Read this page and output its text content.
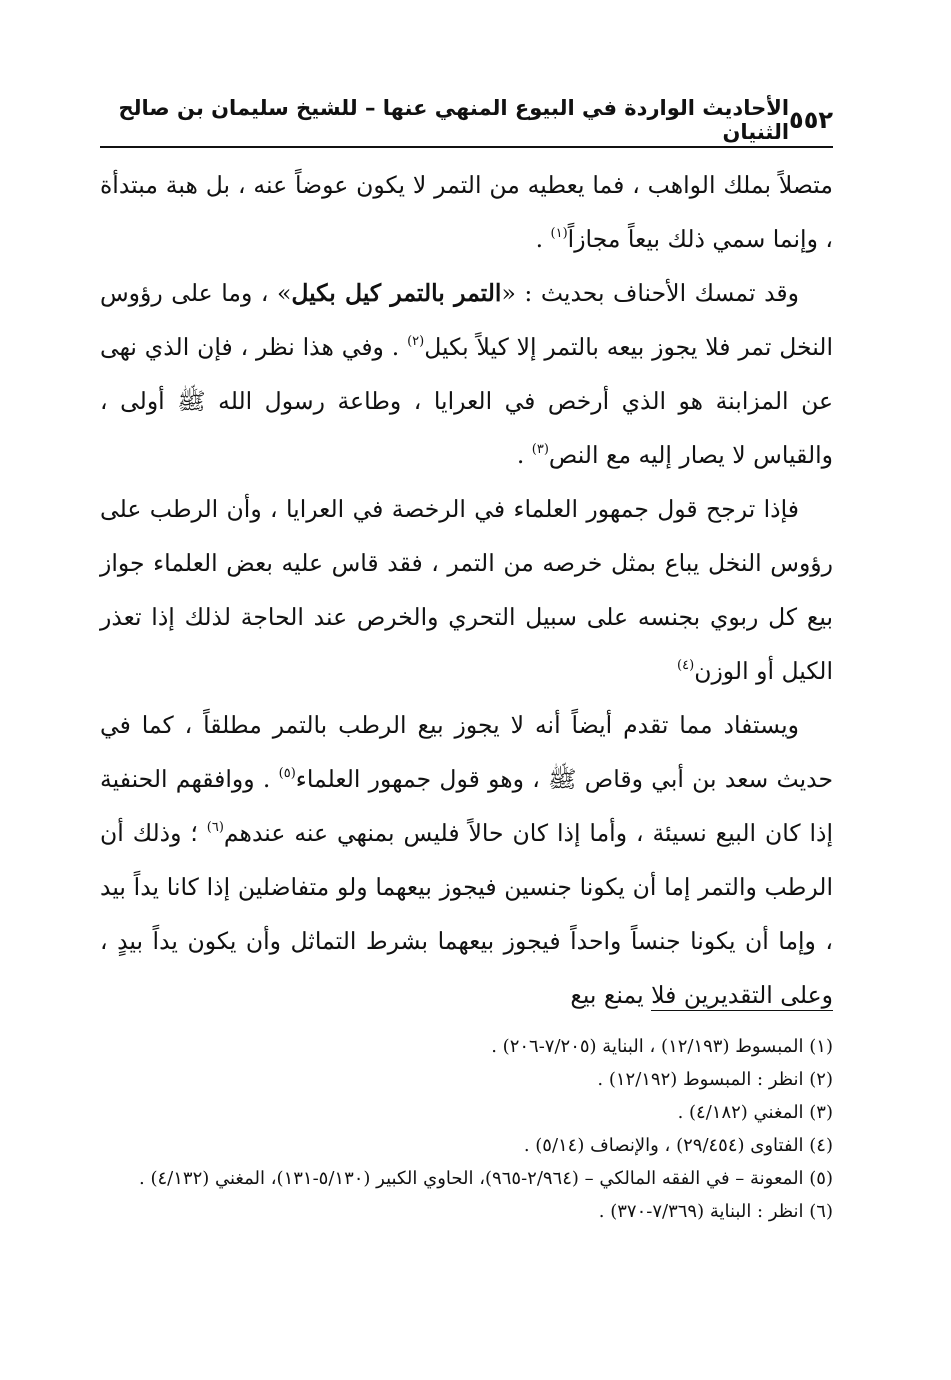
٥٥٢
الأحاديث الواردة في البيوع المنهي عنها – للشيخ سليمان بن صالح الثنيان

متصلاً بملك الواهب ، فما يعطيه من التمر لا يكون عوضاً عنه ، بل هبة مبتدأة ، وإنما سمي ذلك بيعاً مجازاً$^{(١)}$ .

وقد تمسك الأحناف بحديث : «التمر بالتمر كيل بكيل» ، وما على رؤوس النخل تمر فلا يجوز بيعه بالتمر إلا كيلاً بكيل$^{(٢)}$ . وفي هذا نظر ، فإن الذي نهى عن المزابنة هو الذي أرخص في العرايا ، وطاعة رسول الله ﷺ أولى ، والقياس لا يصار إليه مع النص$^{(٣)}$ .

فإذا ترجح قول جمهور العلماء في الرخصة في العرايا ، وأن الرطب على رؤوس النخل يباع بمثل خرصه من التمر ، فقد قاس عليه بعض العلماء جواز بيع كل ربوي بجنسه على سبيل التحري والخرص عند الحاجة لذلك إذا تعذر الكيل أو الوزن$^{(٤)}$

ويستفاد مما تقدم أيضاً أنه لا يجوز بيع الرطب بالتمر مطلقاً ، كما في حديث سعد بن أبي وقاص ﷺ ، وهو قول جمهور العلماء$^{(٥)}$ . ووافقهم الحنفية إذا كان البيع نسيئة ، وأما إذا كان حالاً فليس بمنهي عنه عندهم$^{(٦)}$ ؛ وذلك أن الرطب والتمر إما أن يكونا جنسين فيجوز بيعهما ولو متفاضلين إذا كانا يداً بيد ، وإما أن يكونا جنساً واحداً فيجوز بيعهما بشرط التماثل وأن يكون يداً بيدٍ ، وعلى التقديرين فلا يمنع بيع

(١) المبسوط (١٢/١٩٣) ، البناية (٧/٢٠٥-٢٠٦) .

(٢) انظر : المبسوط (١٢/١٩٢) .

(٣) المغني (٤/١٨٢) .

(٤) الفتاوى (٢٩/٤٥٤) ، والإنصاف (٥/١٤) .

(٥) المعونة – في الفقه المالكي – (٢/٩٦٤-٩٦٥)، الحاوي الكبير (٥/١٣٠-١٣١)، المغني (٤/١٣٢) .

(٦) انظر : البناية (٧/٣٦٩-٣٧٠) .
